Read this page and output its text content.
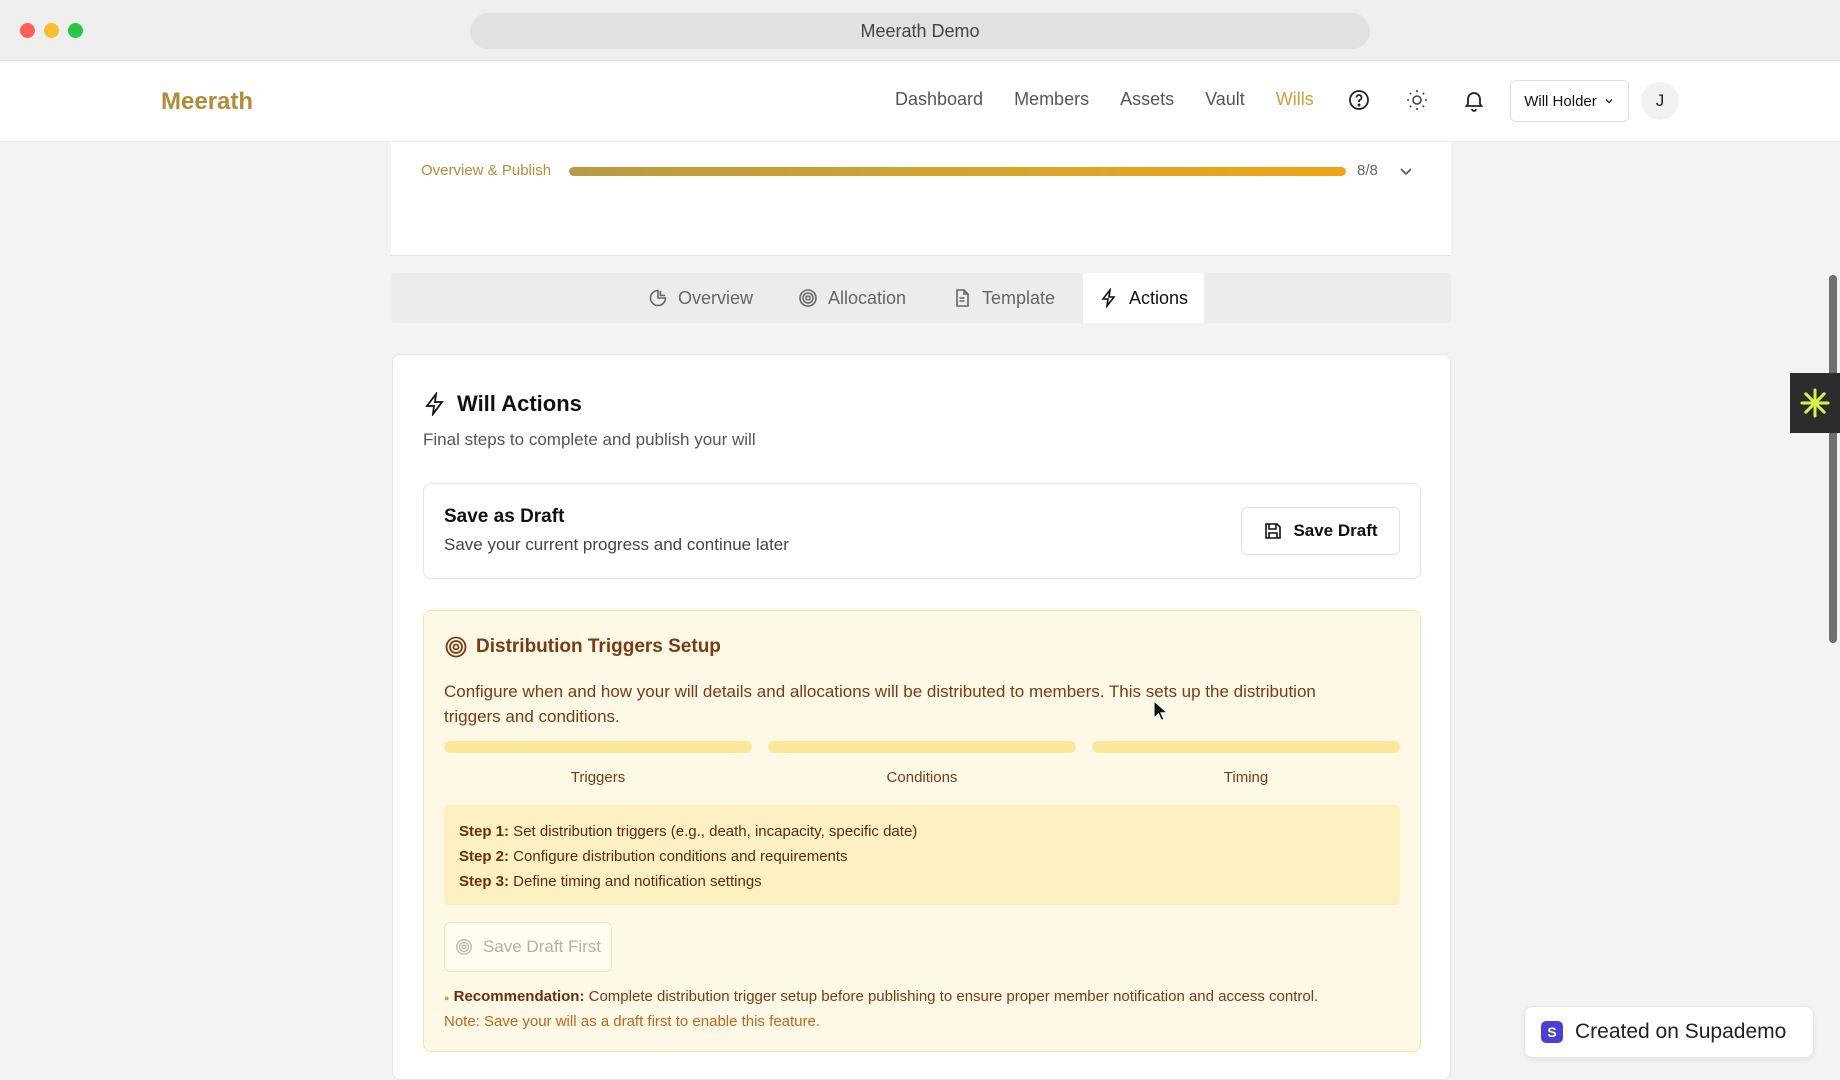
Meerath Demo
Meerath	Dashboard Members Assets Vault Wills	Will Holder	J
Overview & Publish	8/8
Overview	Allocation	Template	Actions
Will Actions
Final steps to complete and publish your will
Save as Draft
Save your current progress and continue later
Save Draft
Distribution Triggers Setup
Configure when and how your will details and allocations will be distributed to members. This sets up the distribution triggers and conditions.
Triggers	Conditions	Timing
Step 1: Set distribution triggers (e.g., death, incapacity, specific date)
Step 2: Configure distribution conditions and requirements
Step 3: Define timing and notification settings
Save Draft First
● Recommendation: Complete distribution trigger setup before publishing to ensure proper member notification and access control.
Note: Save your will as a draft first to enable this feature.
S Created on Supademo
